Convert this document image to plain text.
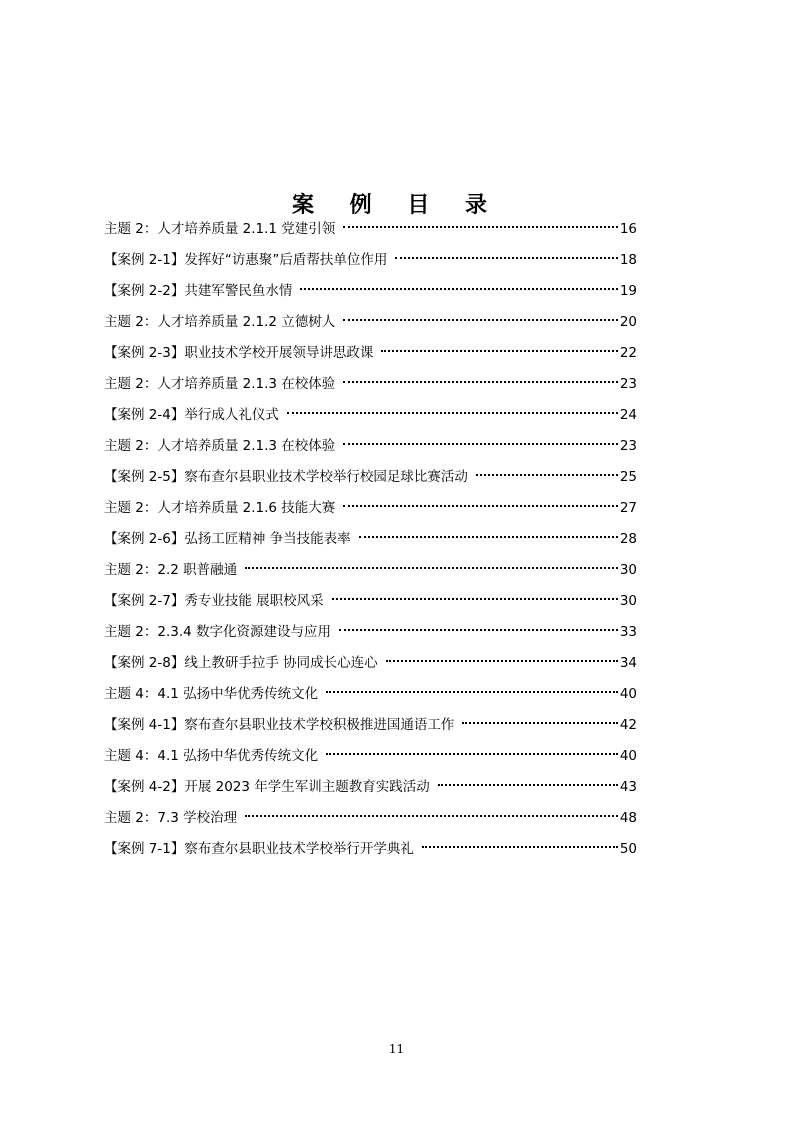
案 例 目 录
主题 2：人才培养质量 2.1.1 党建引领	16
【案例 2-1】发挥好“访惠聚”后盾帮扶单位作用	18
【案例 2-2】共建军警民鱼水情	19
主题 2：人才培养质量 2.1.2 立德树人	20
【案例 2-3】职业技术学校开展领导讲思政课	22
主题 2：人才培养质量 2.1.3 在校体验	23
【案例 2-4】举行成人礼仪式	24
主题 2：人才培养质量 2.1.3 在校体验	23
【案例 2-5】察布查尔县职业技术学校举行校园足球比赛活动	25
主题 2：人才培养质量 2.1.6 技能大赛	27
【案例 2-6】弘扬工匠精神 争当技能表率	28
主题 2：2.2 职普融通	30
【案例 2-7】秀专业技能 展职校风采	30
主题 2：2.3.4 数字化资源建设与应用	33
【案例 2-8】线上教研手拉手 协同成长心连心	34
主题 4：4.1 弘扬中华优秀传统文化	40
【案例 4-1】察布查尔县职业技术学校积极推进国通语工作	42
主题 4：4.1 弘扬中华优秀传统文化	40
【案例 4-2】开展 2023 年学生军训主题教育实践活动	43
主题 2：7.3 学校治理	48
【案例 7-1】察布查尔县职业技术学校举行开学典礼	50
11
